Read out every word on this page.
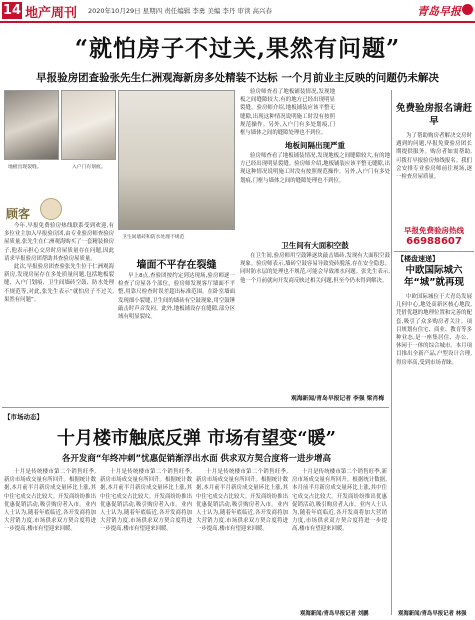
14 地产周刊 2020年10月29日 星期四 责任编辑 李勇 美编 李丹 审读 高兴春	青岛早报
“就怕房子不过关,果然有问题”
早报验房团查验张先生仁洲观海新房多处精装不达标 一个月前业主反映的问题仍未解决
地板出现裂缝。	入户门有划痕。
卫生间墙砖和防水处理不规范
顾客

今年,早报免费验房热线联系受到欢迎,有多位业主加入早报验房团,由专业验房师查验房屋质量,张先生在仁洲观海购买了一套精装修房子,他表示担心交房时房屋质量存在问题,因此请求早报验房团帮助其查验房屋质量。

此次,早报验房团查验张先生位于仁洲观海新房,发现房屋存在多处质量问题,包括地板裂缝、入户门划痕、卫生间墙砖空鼓、防水处理不规范等,对此,张先生表示“就怕房子不过关,果然有问题”。

墙面不平存在裂缝

早上8点,查验团按约定到达现场,验房师逐一检查了房屋各个部位。验房师发现客厅墙面不平整,用靠尺检查时误差超出标准范围。在卧室墙面发现细小裂缝,卫生间的墙砖有空鼓现象,用空鼓锤敲击时声音发闷。此外,地板铺设存在缝隙,部分区域有明显裂纹。

验房师查看了地板铺装情况,发现地板之间缝隙较大,有的地方已经出现明显裂缝。验房师介绍,地板铺装应该平整无缝隙,出现这种情况说明施工时没有按照规范操作。另外,入户门有多处划痕,门框与墙体之间的缝隙处理也不到位。

地板间隔出现严重

验房师查看了地板铺装情况,发现地板之间缝隙较大,有的地方已经出现明显裂缝。验房师介绍,地板铺装应该平整无缝隙,出现这种情况说明施工时没有按照规范操作。另外,入户门有多处划痕,门框与墙体之间的缝隙处理也不到位。

卫生间有大面积空鼓

在卫生间,验房师用空鼓锤逐块敲击墙砖,发现有大面积空鼓现象。验房师表示,墙砖空鼓容易导致瓷砖脱落,存在安全隐患。同时防水层的处理也不规范,可能会导致渗水问题。张先生表示,他一个月前就向开发商反映过相关问题,但至今仍未得到解决。

观海新闻/青岛早报记者 李强 梁肖梅
免费验房报名请赶早

为了帮助购房者解决交房时遇到的问题,早报免费验房团长期提供服务。购房者如需帮助,可拨打早报验房热线报名。我们会安排专业验房师前往现场,逐一检查房屋质量。

早报免费验房热线
66988607
【楼盘速递】
中欧国际城六年“城”就再现

中欧国际城位于大青岛发展几何中心,地处高新区核心地段,凭借优越的地理位置和完善的配套,吸引了众多购房者关注。项目规划有住宅、商业、教育等多种业态,是一座集居住、办公、休闲于一体的综合城市。本月项目推出全新产品,户型设计合理,得房率高,受到市场青睐。

观海新闻/青岛早报记者 林强
【市场动态】
十月楼市触底反弹 市场有望变“暖”
各开发商“年终冲刺”忧惠促销渐浮出水面 供求双方契合度将一进步增高

十月是传统楼市第二个销售旺季,新房市场成交量有所回升。根据统计数据,本月前半月新房成交量环比上涨,其中住宅成交占比较大。开发商纷纷推出优惠促销活动,吸引购房者入市。业内人士认为,随着年底临近,各开发商将加大营销力度,市场供求双方契合度将进一步提高,楼市有望迎来回暖。

十月是传统楼市第二个销售旺季,新房市场成交量有所回升。根据统计数据,本月前半月新房成交量环比上涨,其中住宅成交占比较大。开发商纷纷推出优惠促销活动,吸引购房者入市。业内人士认为,随着年底临近,各开发商将加大营销力度,市场供求双方契合度将进一步提高,楼市有望迎来回暖。

十月是传统楼市第二个销售旺季,新房市场成交量有所回升。根据统计数据,本月前半月新房成交量环比上涨,其中住宅成交占比较大。开发商纷纷推出优惠促销活动,吸引购房者入市。业内人士认为,随着年底临近,各开发商将加大营销力度,市场供求双方契合度将进一步提高,楼市有望迎来回暖。

十月是传统楼市第二个销售旺季,新房市场成交量有所回升。根据统计数据,本月前半月新房成交量环比上涨,其中住宅成交占比较大。开发商纷纷推出优惠促销活动,吸引购房者入市。业内人士认为,随着年底临近,各开发商将加大营销力度,市场供求双方契合度将进一步提高,楼市有望迎来回暖。

观海新闻/青岛早报记者 刘鹏
